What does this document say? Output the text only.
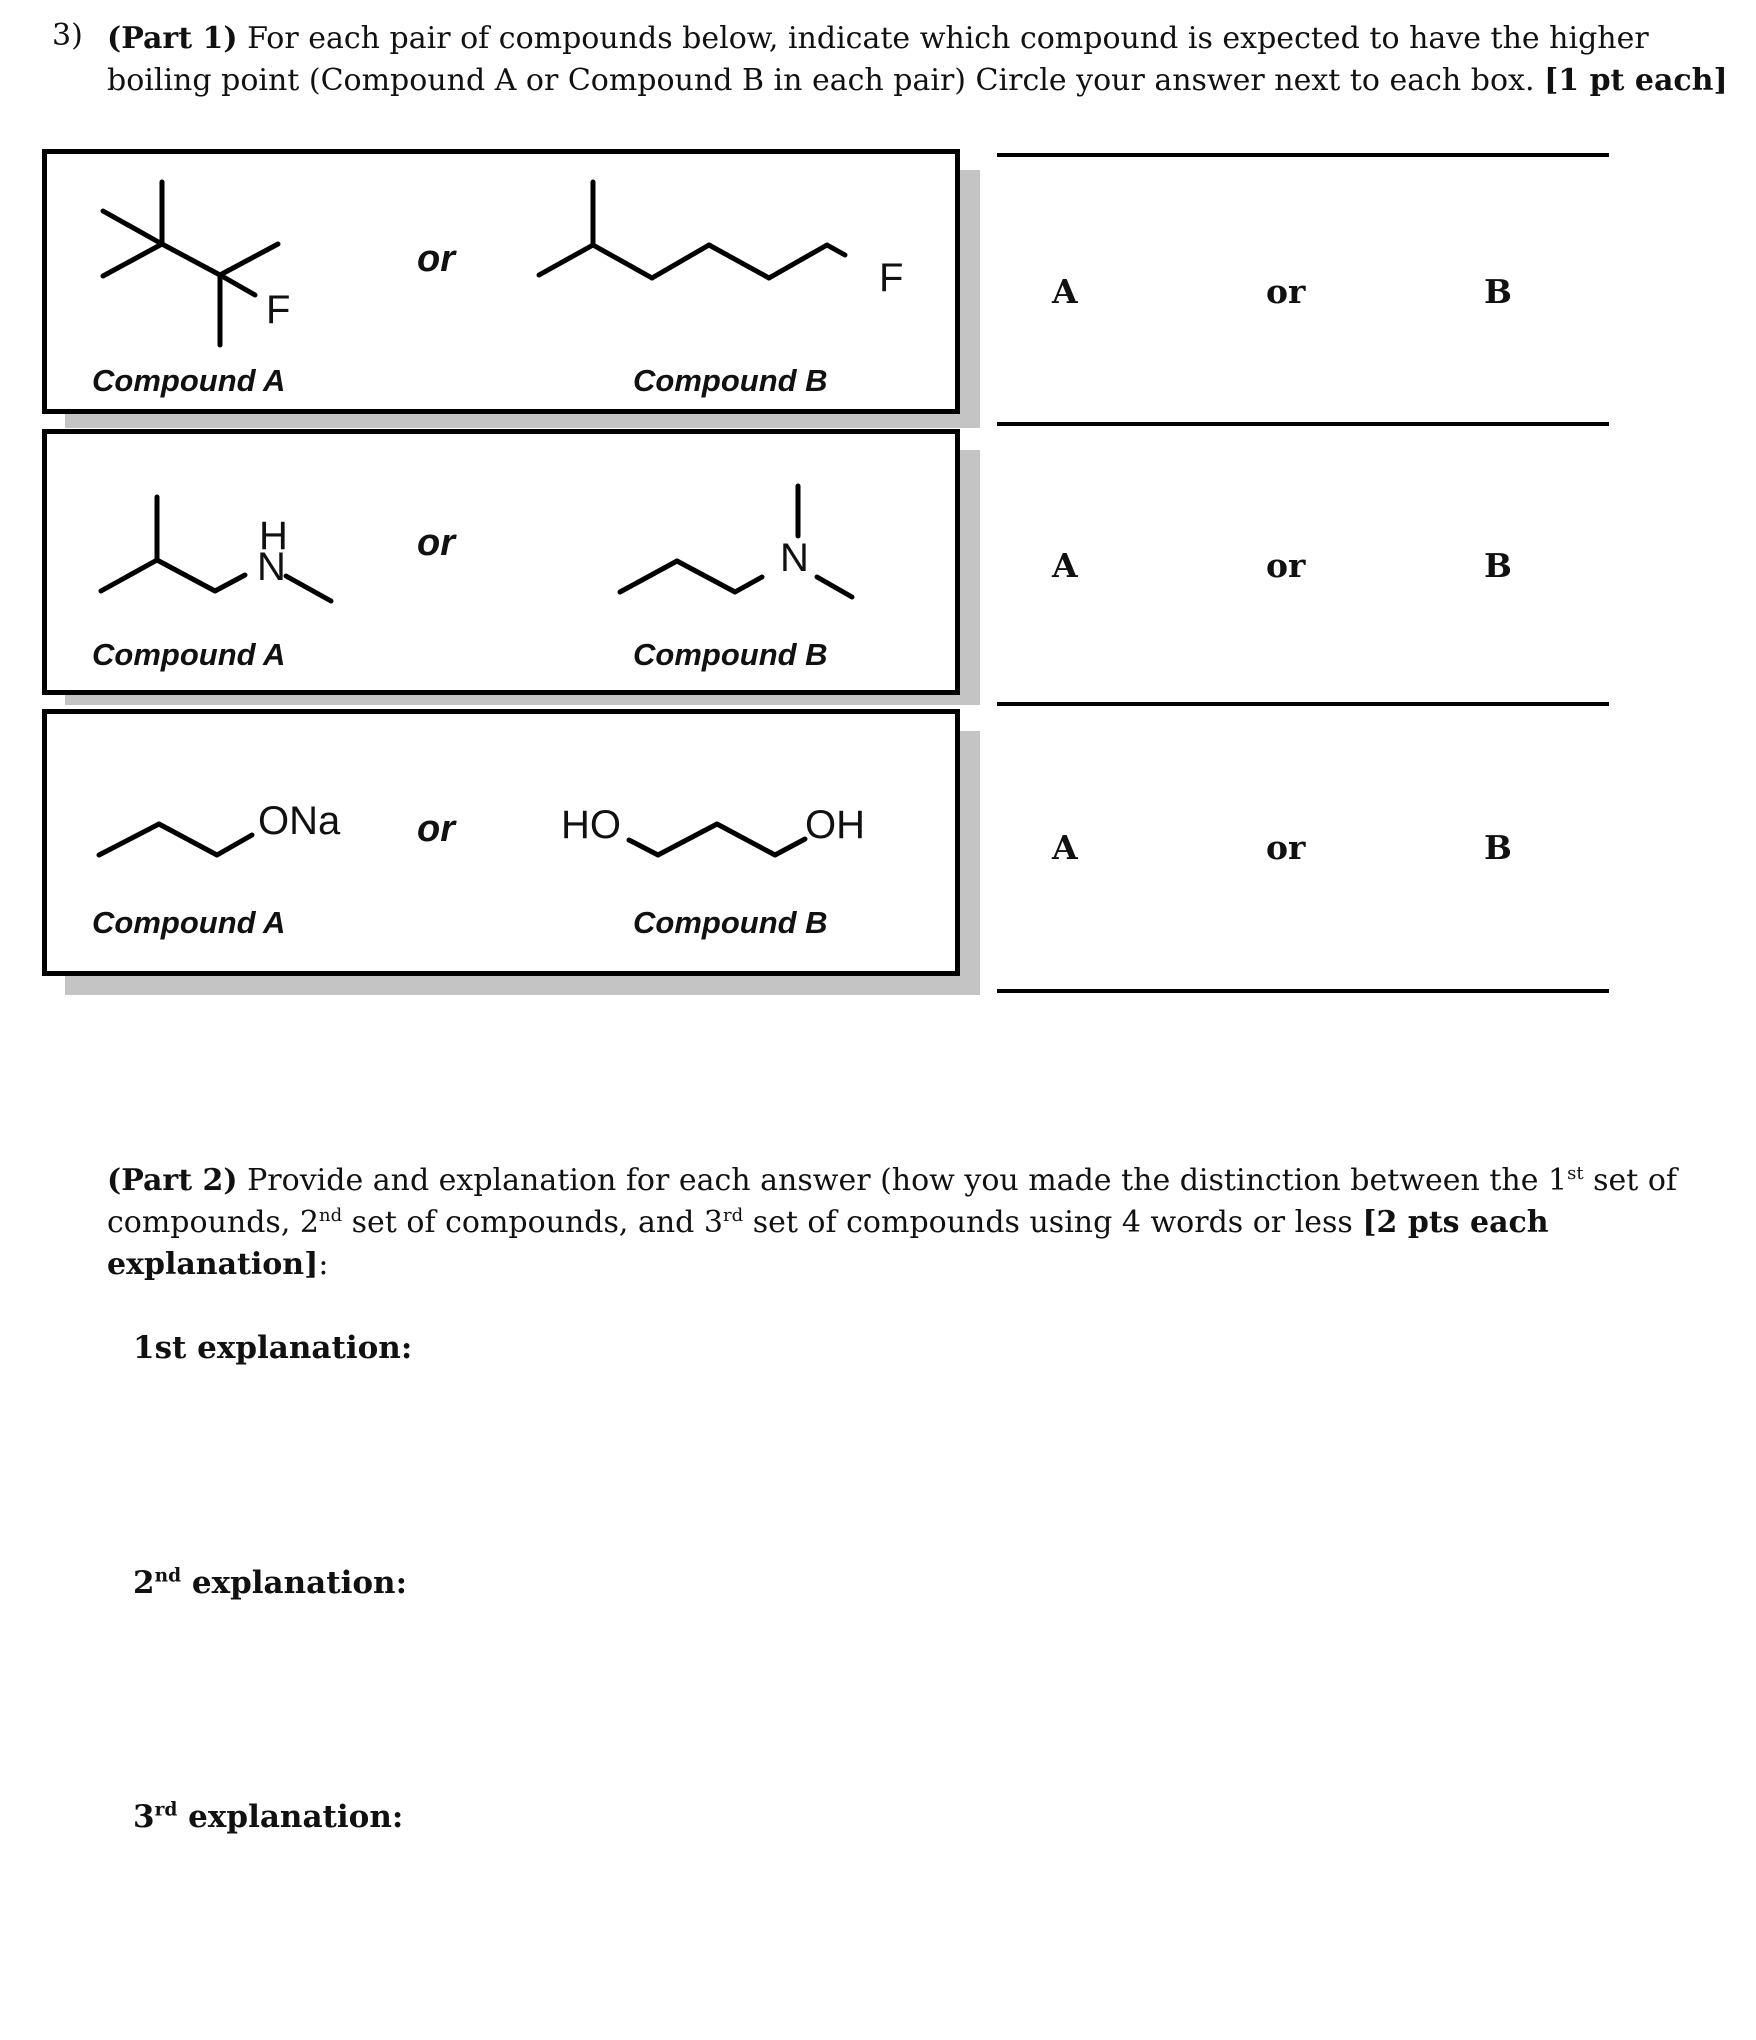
3) (Part 1) For each pair of compounds below, indicate which compound is expected to have the higher boiling point (Compound A or Compound B in each pair) Circle your answer next to each box. [1 pt each]
F
F
or
Compound A	Compound B
H
N	N
or
Compound A	Compound B
ONa	HO	OH
or
Compound A	Compound B
A	or	B
A	or	B
A	or	B
(Part 2) Provide and explanation for each answer (how you made the distinction between the 1st set of compounds, 2nd set of compounds, and 3rd set of compounds using 4 words or less [2 pts each explanation]:
1st explanation:
2nd explanation:
3rd explanation:
